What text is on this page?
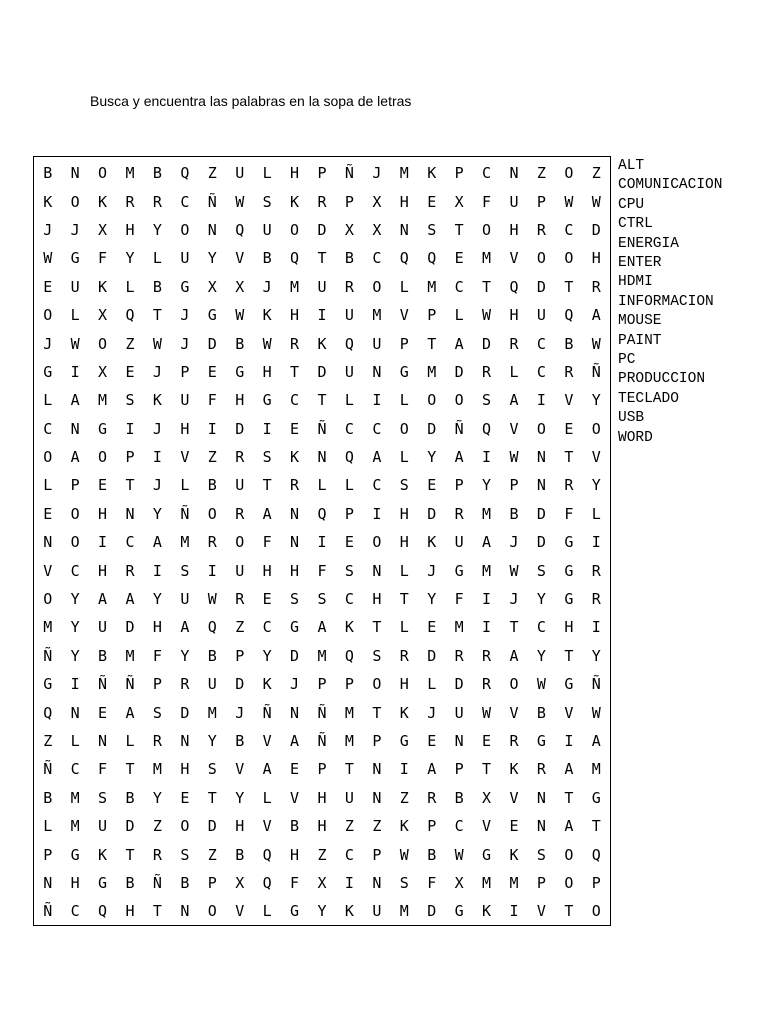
Busca y encuentra las palabras en la sopa de letras
B	N	O	M	B	Q	Z	U	L	H	P	Ñ	J	M	K	P	C	N	Z	O	Z
K	O	K	R	R	C	Ñ	W	S	K	R	P	X	H	E	X	F	U	P	W	W
J	J	X	H	Y	O	N	Q	U	O	D	X	X	N	S	T	O	H	R	C	D
W	G	F	Y	L	U	Y	V	B	Q	T	B	C	Q	Q	E	M	V	O	O	H
E	U	K	L	B	G	X	X	J	M	U	R	O	L	M	C	T	Q	D	T	R
O	L	X	Q	T	J	G	W	K	H	I	U	M	V	P	L	W	H	U	Q	A
J	W	O	Z	W	J	D	B	W	R	K	Q	U	P	T	A	D	R	C	B	W
G	I	X	E	J	P	E	G	H	T	D	U	N	G	M	D	R	L	C	R	Ñ
L	A	M	S	K	U	F	H	G	C	T	L	I	L	O	O	S	A	I	V	Y
C	N	G	I	J	H	I	D	I	E	Ñ	C	C	O	D	Ñ	Q	V	O	E	O
O	A	O	P	I	V	Z	R	S	K	N	Q	A	L	Y	A	I	W	N	T	V
L	P	E	T	J	L	B	U	T	R	L	L	C	S	E	P	Y	P	N	R	Y
E	O	H	N	Y	Ñ	O	R	A	N	Q	P	I	H	D	R	M	B	D	F	L
N	O	I	C	A	M	R	O	F	N	I	E	O	H	K	U	A	J	D	G	I
V	C	H	R	I	S	I	U	H	H	F	S	N	L	J	G	M	W	S	G	R
O	Y	A	A	Y	U	W	R	E	S	S	C	H	T	Y	F	I	J	Y	G	R
M	Y	U	D	H	A	Q	Z	C	G	A	K	T	L	E	M	I	T	C	H	I
Ñ	Y	B	M	F	Y	B	P	Y	D	M	Q	S	R	D	R	R	A	Y	T	Y
G	I	Ñ	Ñ	P	R	U	D	K	J	P	P	O	H	L	D	R	O	W	G	Ñ
Q	N	E	A	S	D	M	J	Ñ	N	Ñ	M	T	K	J	U	W	V	B	V	W
Z	L	N	L	R	N	Y	B	V	A	Ñ	M	P	G	E	N	E	R	G	I	A
Ñ	C	F	T	M	H	S	V	A	E	P	T	N	I	A	P	T	K	R	A	M
B	M	S	B	Y	E	T	Y	L	V	H	U	N	Z	R	B	X	V	N	T	G
L	M	U	D	Z	O	D	H	V	B	H	Z	Z	K	P	C	V	E	N	A	T
P	G	K	T	R	S	Z	B	Q	H	Z	C	P	W	B	W	G	K	S	O	Q
N	H	G	B	Ñ	B	P	X	Q	F	X	I	N	S	F	X	M	M	P	O	P
Ñ	C	Q	H	T	N	O	V	L	G	Y	K	U	M	D	G	K	I	V	T	O
ALT
COMUNICACION
CPU
CTRL
ENERGIA
ENTER
HDMI
INFORMACION
MOUSE
PAINT
PC
PRODUCCION
TECLADO
USB
WORD
